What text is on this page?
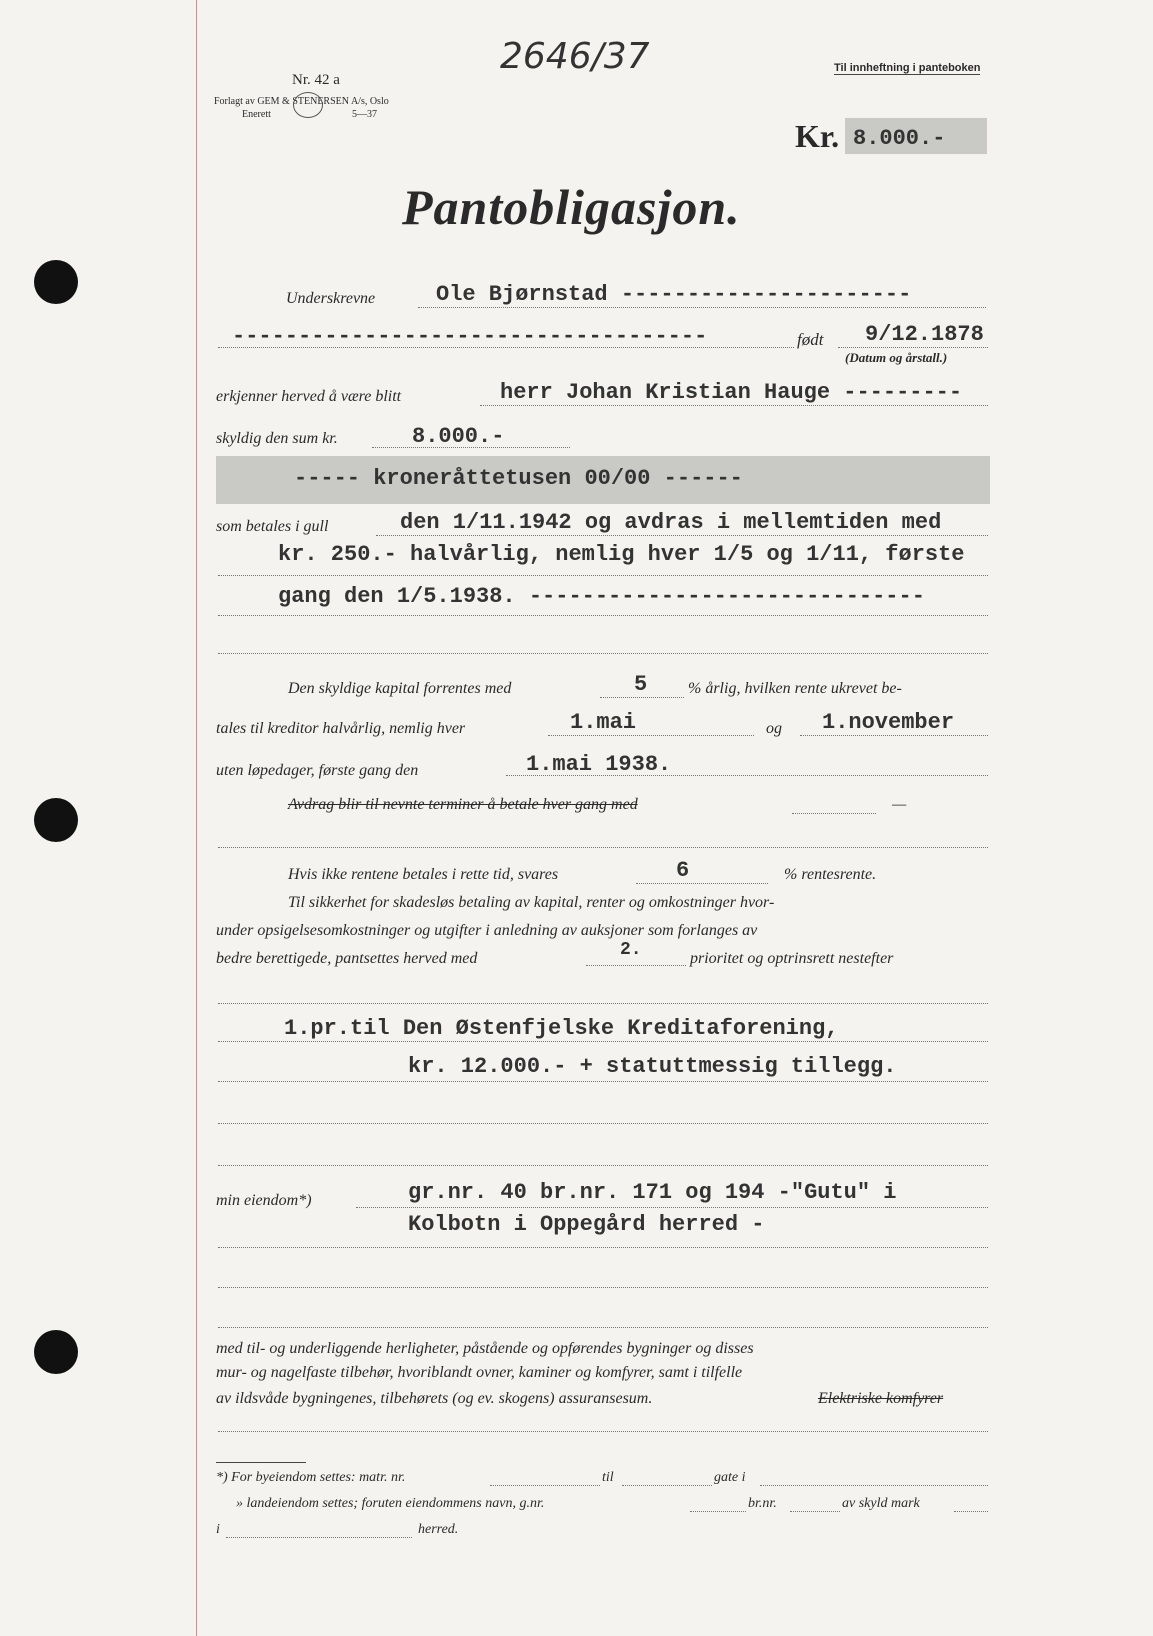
2646/37
Nr. 42 a
Forlagt av GEM & STENERSEN A/s, Oslo
Enerett	5—37
Til innheftning i panteboken
Kr. 8.000.-
Pantobligasjon.
Underskrevne	Ole Bjørnstad ----------------------
------------------------------------	født 9/12.1878
(Datum og årstall.)
erkjenner herved å være blitt	herr Johan Kristian Hauge ---------
skyldig den sum kr.	8.000.-
----- kroneråttetusen 00/00 ------
som betales i gull	den 1/11.1942 og avdras i mellemtiden med
kr. 250.- halvårlig, nemlig hver 1/5 og 1/11, første
gang den 1/5.1938. ------------------------------
Den skyldige kapital forrentes med	5	% årlig, hvilken rente ukrevet be-
tales til kreditor halvårlig, nemlig hver	1.mai	og 1.november
uten løpedager, første gang den	1.mai 1938.
Avdrag blir til nevnte terminer å betale hver gang med	—
Hvis ikke rentene betales i rette tid, svares	6	% rentesrente.
Til sikkerhet for skadesløs betaling av kapital, renter og omkostninger hvor-
under opsigelsesomkostninger og utgifter i anledning av auksjoner som forlanges av
bedre berettigede, pantsettes herved med	2.	prioritet og optrinsrett nestefter
1.pr.til Den Østenfjelske Kreditaforening,
kr. 12.000.- + statuttmessig tillegg.
min eiendom*)	gr.nr. 40 br.nr. 171 og 194 -"Gutu" i
Kolbotn i Oppegård herred -
med til- og underliggende herligheter, påstående og opførendes bygninger og disses
mur- og nagelfaste tilbehør, hvoriblandt ovner, kaminer og komfyrer, samt i tilfelle
av ildsvåde bygningenes, tilbehørets (og ev. skogens) assuransesum.	Elektriske komfyrer
*) For byeiendom settes: matr. nr.	til	gate i
» landeiendom settes; foruten eiendommens navn, g.nr.	br.nr.	av skyld mark
i	herred.
